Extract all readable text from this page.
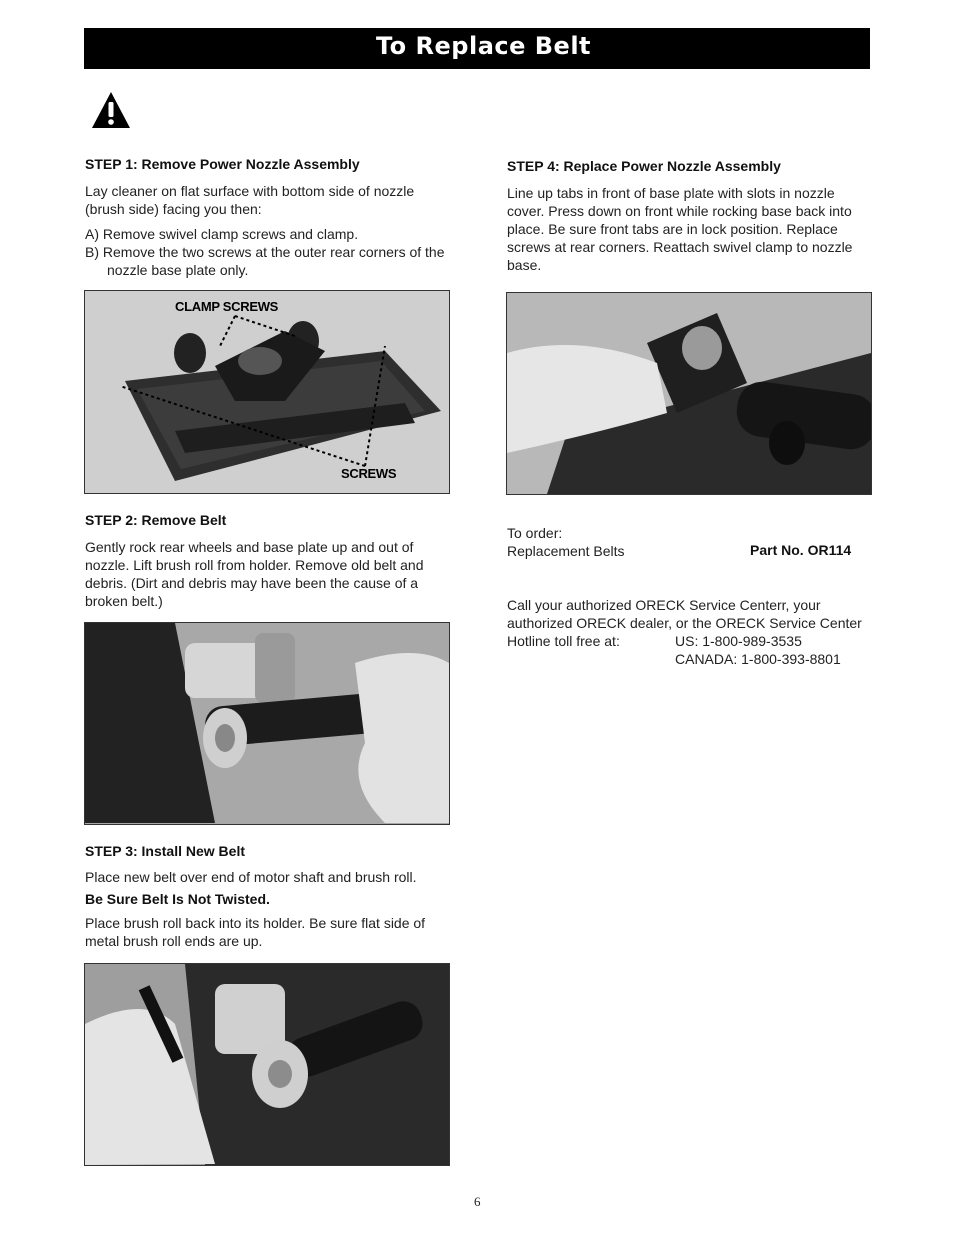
To Replace Belt
STEP 1: Remove Power Nozzle Assembly
Lay cleaner on flat surface with bottom side of nozzle
(brush side) facing you then:
A) Remove swivel clamp screws and clamp.
B) Remove the two screws at the outer rear corners of the
nozzle base plate only.
CLAMP SCREWS
SCREWS
STEP 2: Remove Belt
Gently rock rear wheels and base plate up and out of
nozzle. Lift brush roll from holder. Remove old belt and
debris. (Dirt and debris may have been the cause of a
broken belt.)
STEP 3: Install New Belt
Place new belt over end of motor shaft and brush roll.
Be Sure Belt Is Not Twisted.
Place brush roll back into its holder. Be sure flat side of
metal brush roll ends are up.
STEP 4: Replace Power Nozzle Assembly
Line up tabs in front of base plate with slots in nozzle
cover. Press down on front while rocking base back into
place. Be sure front tabs are in lock position. Replace
screws at rear corners. Reattach swivel clamp to nozzle
base.
To order:
Replacement Belts	Part No. OR114
Call your authorized ORECK Service Centerr, your
authorized ORECK dealer, or the ORECK Service Center
Hotline toll free at:	US: 1-800-989-3535
CANADA: 1-800-393-8801
6
